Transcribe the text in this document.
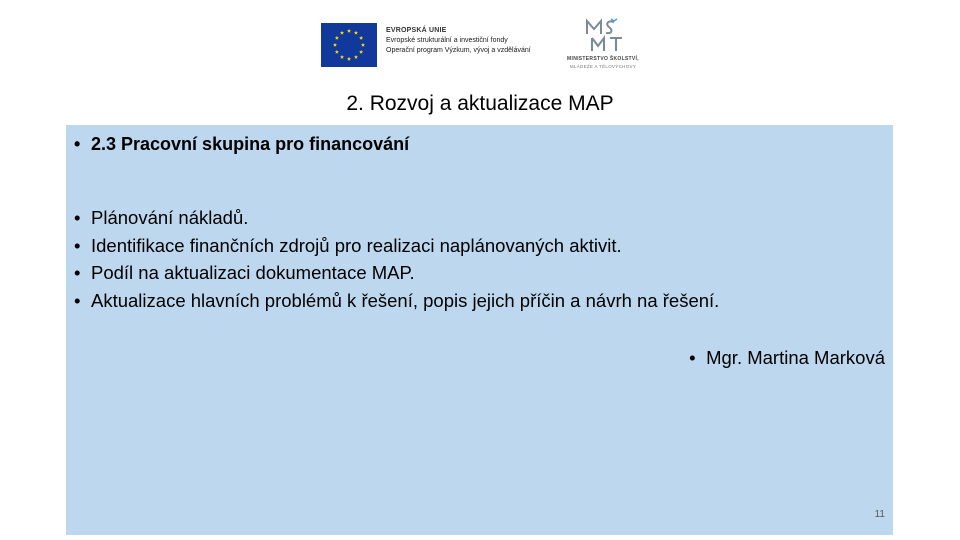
EVROPSKÁ UNIE
Evropské strukturální a investiční fondy
Operační program Výzkum, vývoj a vzdělávání
MINISTERSTVO ŠKOLSTVÍ,
MLÁDEŽE A TĚLOVÝCHOVY
2. Rozvoj a aktualizace MAP
• 2.3 Pracovní skupina pro financování
• Plánování nákladů.
• Identifikace finančních zdrojů pro realizaci naplánovaných aktivit.
• Podíl na aktualizaci dokumentace MAP.
• Aktualizace hlavních problémů k řešení, popis jejich příčin a návrh na řešení.
• Mgr. Martina Marková
11
